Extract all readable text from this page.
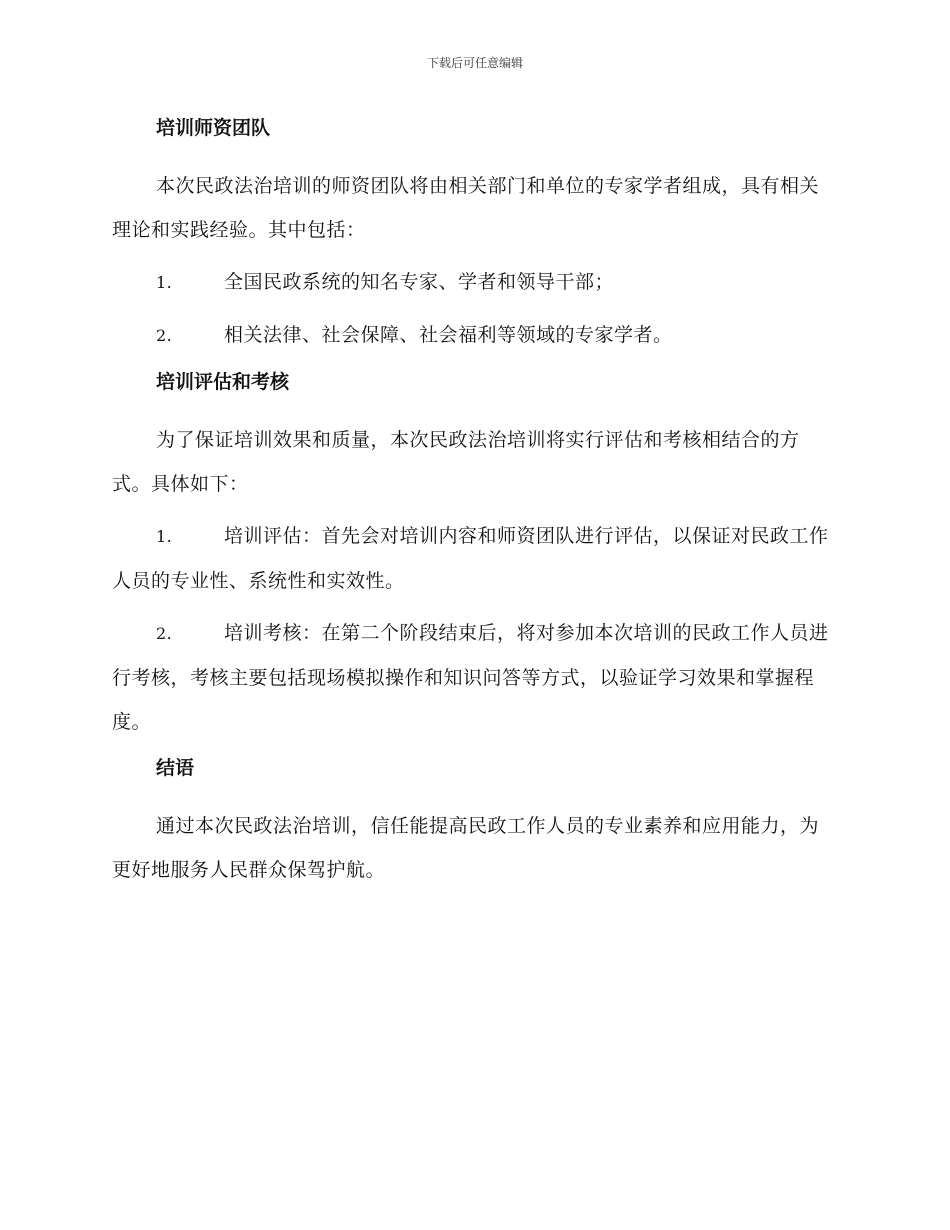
下载后可任意编辑
培训师资团队
本次民政法治培训的师资团队将由相关部门和单位的专家学者组成，具有相关理论和实践经验。其中包括：
1.	全国民政系统的知名专家、学者和领导干部；
2.	相关法律、社会保障、社会福利等领域的专家学者。
培训评估和考核
为了保证培训效果和质量，本次民政法治培训将实行评估和考核相结合的方式。具体如下：
1.	培训评估：首先会对培训内容和师资团队进行评估，以保证对民政工作人员的专业性、系统性和实效性。
2.	培训考核：在第二个阶段结束后，将对参加本次培训的民政工作人员进行考核，考核主要包括现场模拟操作和知识问答等方式，以验证学习效果和掌握程度。
结语
通过本次民政法治培训，信任能提高民政工作人员的专业素养和应用能力，为更好地服务人民群众保驾护航。
